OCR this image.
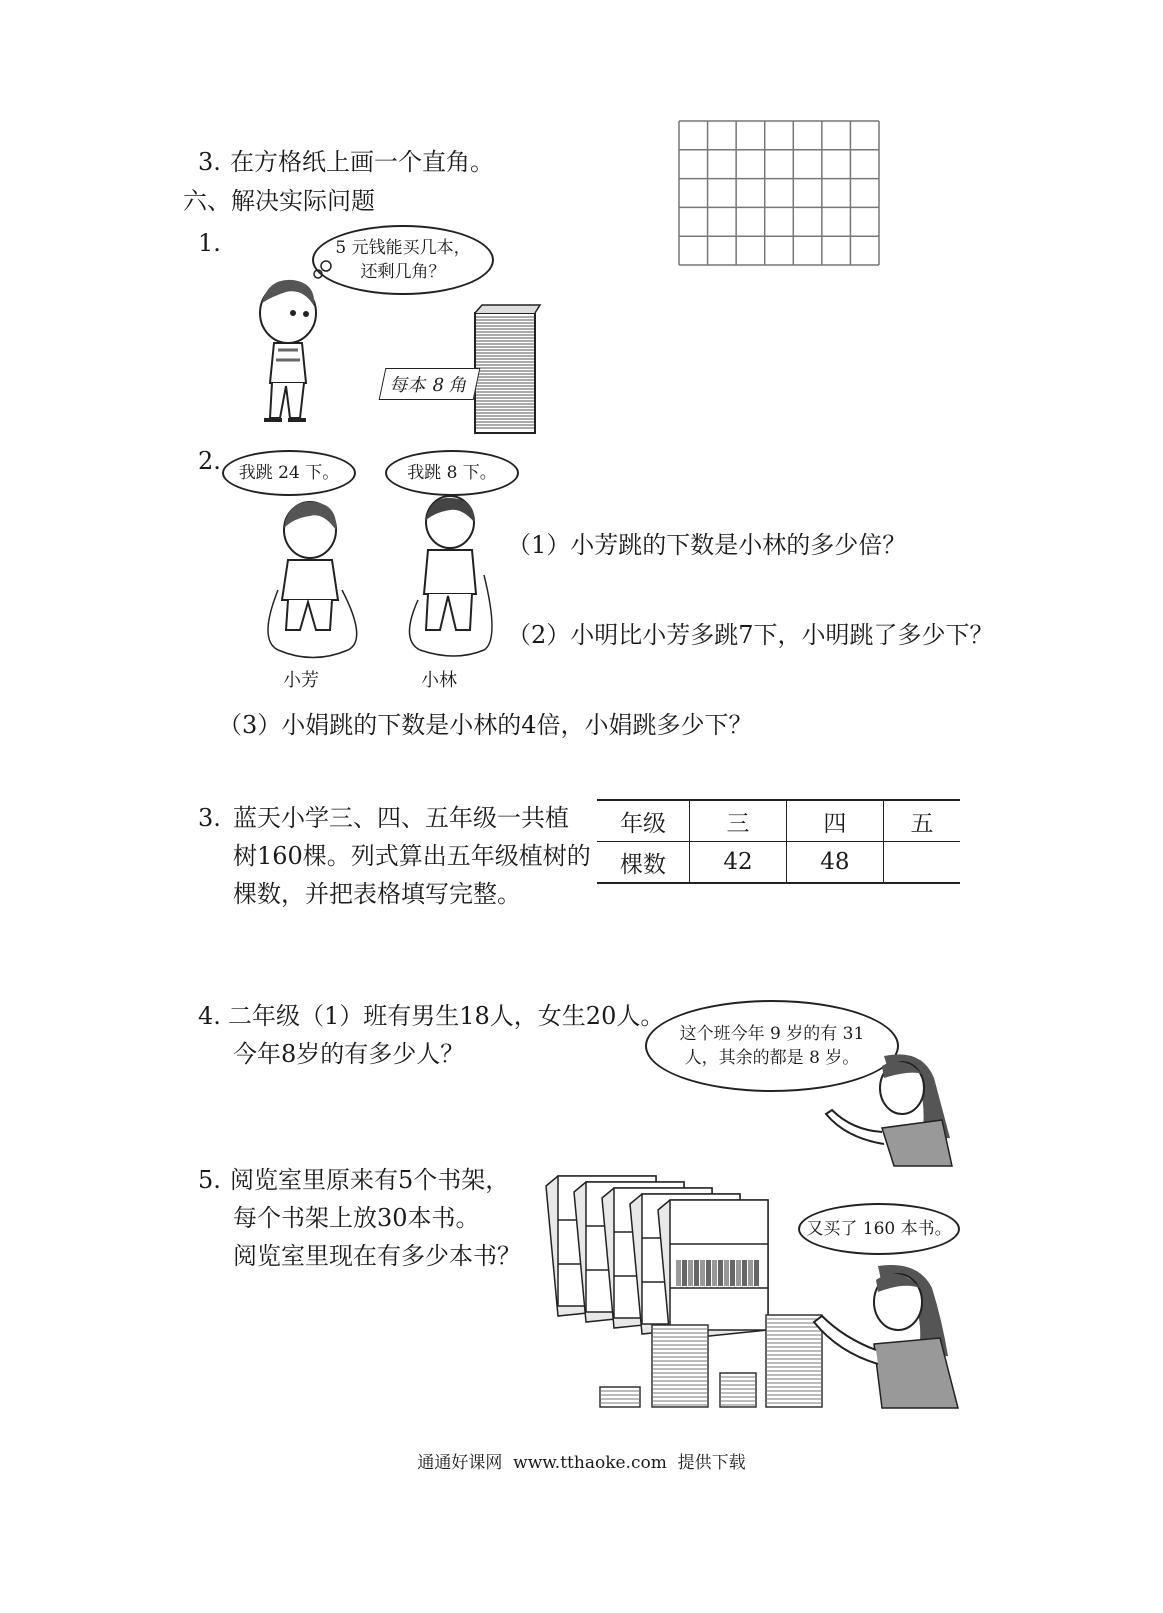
3. 在方格纸上画一个直角。
六、解决实际问题
1.	5 元钱能买几本，
还剩几角？
每本 8 角
2. 我跳 24 下。	我跳 8 下。
小芳	小林
（1）小芳跳的下数是小林的多少倍？
（2）小明比小芳多跳7下，小明跳了多少下？
（3）小娟跳的下数是小林的4倍，小娟跳多少下？
3. 蓝天小学三、四、五年级一共植
树160棵。列式算出五年级植树的
棵数，并把表格填写完整。
年级	三	四	五
棵数	42	48	
4. 二年级（1）班有男生18人，女生20人。
今年8岁的有多少人？
这个班今年 9 岁的有 31
人，其余的都是 8 岁。
5. 阅览室里原来有5个书架，
每个书架上放30本书。
阅览室里现在有多少本书？
又买了 160 本书。
通通好课网  www.tthaoke.com  提供下载
